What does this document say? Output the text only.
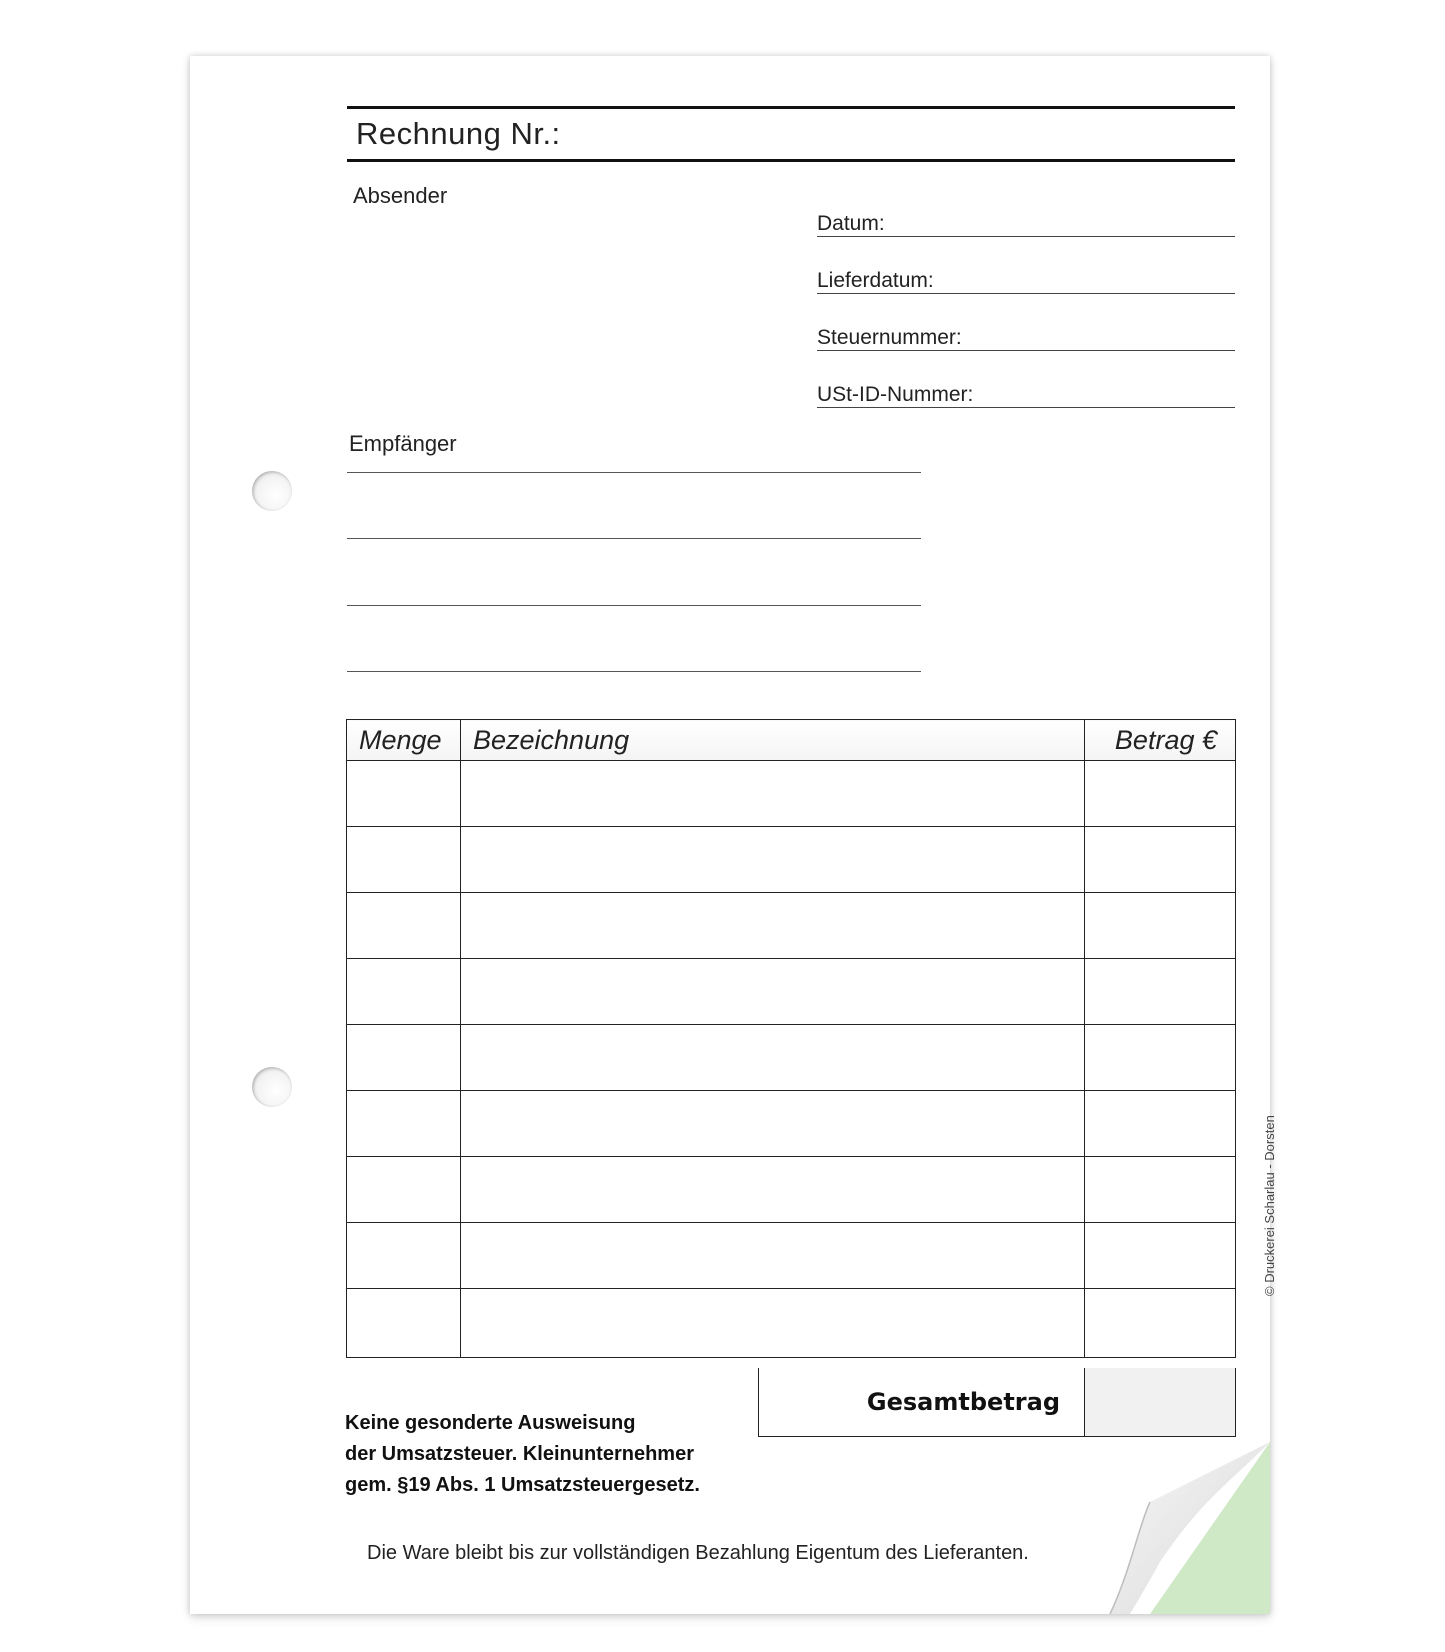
Rechnung Nr.:
Absender
Datum:
Lieferdatum:
Steuernummer:
USt-ID-Nummer:
Empfänger
Menge	Bezeichnung	Betrag €

Gesamtbetrag
Keine gesonderte Ausweisung
der Umsatzsteuer. Kleinunternehmer
gem. §19 Abs. 1 Umsatzsteuergesetz.
Die Ware bleibt bis zur vollständigen Bezahlung Eigentum des Lieferanten.
© Druckerei Scharlau - Dorsten
